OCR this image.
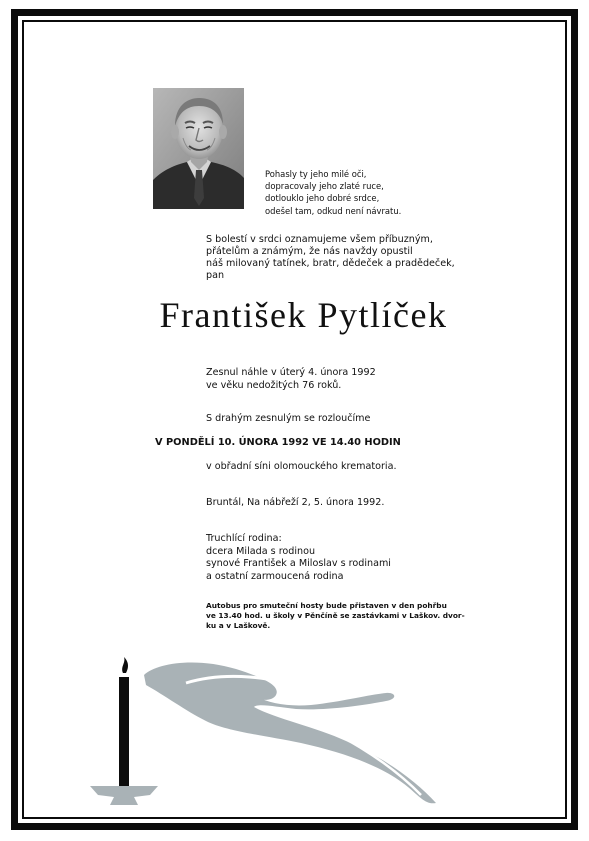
Pohasly ty jeho milé oči,
dopracovaly jeho zlaté ruce,
dotlouklo jeho dobré srdce,
odešel tam, odkud není návratu.
S bolestí v srdci oznamujeme všem příbuzným,
přátelům a známým, že nás navždy opustil
náš milovaný tatínek, bratr, dědeček a pradědeček,
pan
František Pytlíček
Zesnul náhle v úterý 4. února 1992
ve věku nedožitých 76 roků.
S drahým zesnulým se rozloučíme
V PONDĚLÍ 10. ÚNORA 1992 VE 14.40 HODIN
v obřadní síni olomouckého krematoria.
Bruntál, Na nábřeží 2, 5. února 1992.
Truchlící rodina:
dcera Milada s rodinou
synové František a Miloslav s rodinami
a ostatní zarmoucená rodina
Autobus pro smuteční hosty bude přistaven v den pohřbu
ve 13.40 hod. u školy v Pěnčíně se zastávkami v Laškov. dvor-
ku a v Laškově.
